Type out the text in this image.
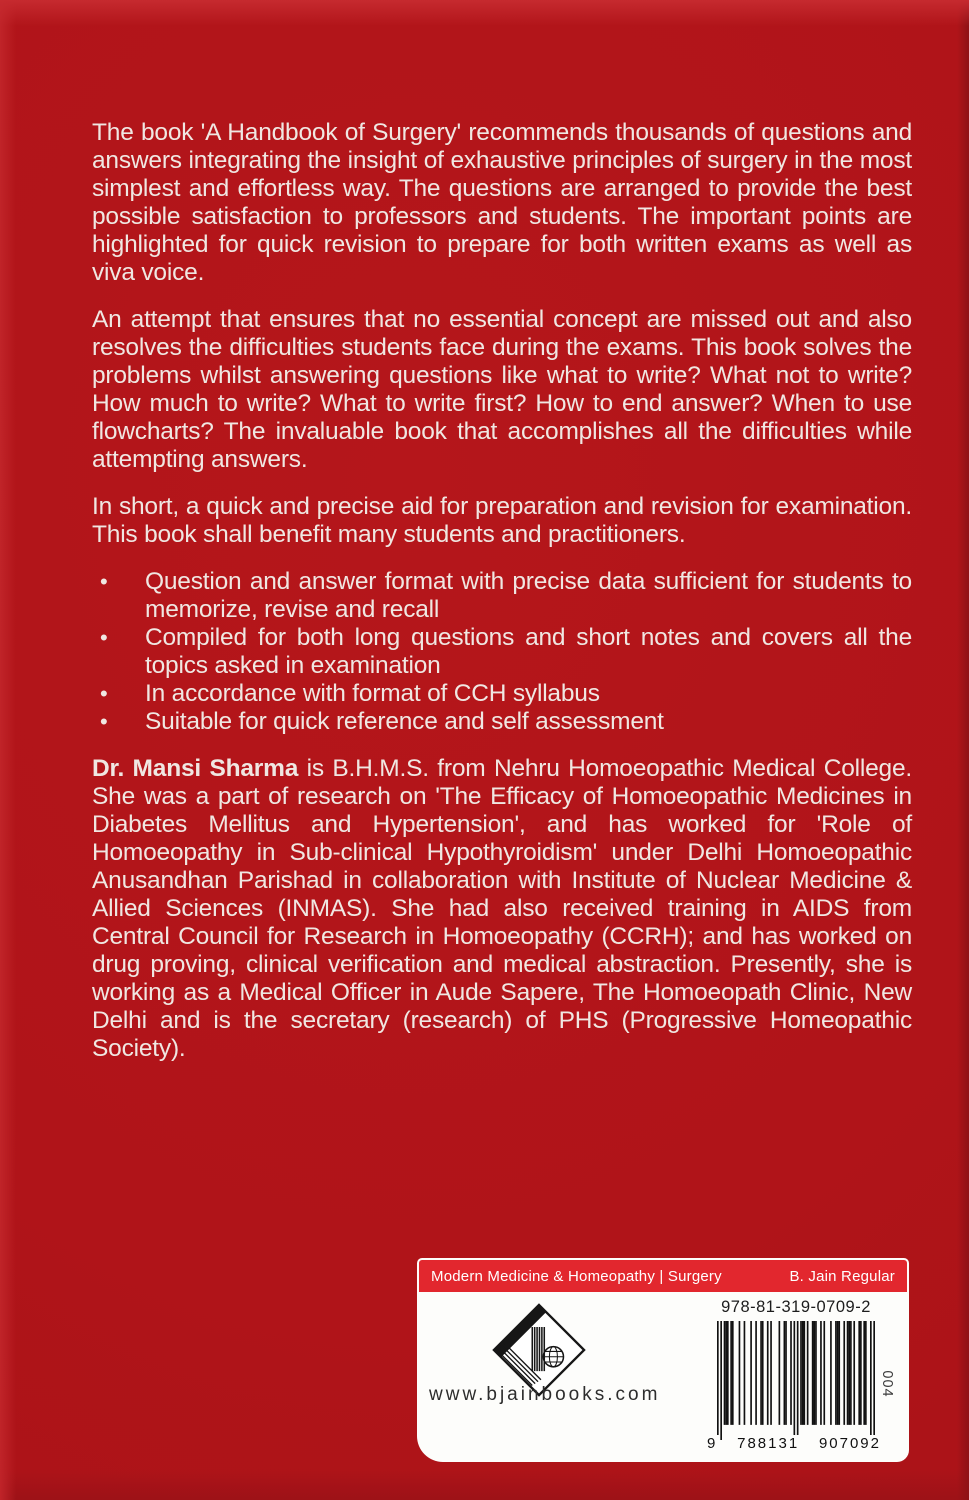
The book 'A Handbook of Surgery' recommends thousands of questions and answers integrating the insight of exhaustive principles of surgery in the most simplest and effortless way. The questions are arranged to provide the best possible satisfaction to professors and students. The important points are highlighted for quick revision to prepare for both written exams as well as viva voice.

An attempt that ensures that no essential concept are missed out and also resolves the difficulties students face during the exams. This book solves the problems whilst answering questions like what to write? What not to write? How much to write? What to write first? How to end answer? When to use flowcharts? The invaluable book that accomplishes all the difficulties while attempting answers.

In short, a quick and precise aid for preparation and revision for examination. This book shall benefit many students and practitioners.

•	Question and answer format with precise data sufficient for students to memorize, revise and recall
•	Compiled for both long questions and short notes and covers all the topics asked in examination
•	In accordance with format of CCH syllabus
•	Suitable for quick reference and self assessment

Dr. Mansi Sharma is B.H.M.S. from Nehru Homoeopathic Medical College. She was a part of research on 'The Efficacy of Homoeopathic Medicines in Diabetes Mellitus and Hypertension', and has worked for 'Role of Homoeopathy in Sub-clinical Hypothyroidism' under Delhi Homoeopathic Anusandhan Parishad in collaboration with Institute of Nuclear Medicine & Allied Sciences (INMAS). She had also received training in AIDS from Central Council for Research in Homoeopathy (CCRH); and has worked on drug proving, clinical verification and medical abstraction. Presently, she is working as a Medical Officer in Aude Sapere, The Homoeopath Clinic, New Delhi and is the secretary (research) of PHS (Progressive Homeopathic Society).

Modern Medicine & Homeopathy | Surgery	B. Jain Regular
www.bjainbooks.com
978-81-319-0709-2
9 788131 907092
004
